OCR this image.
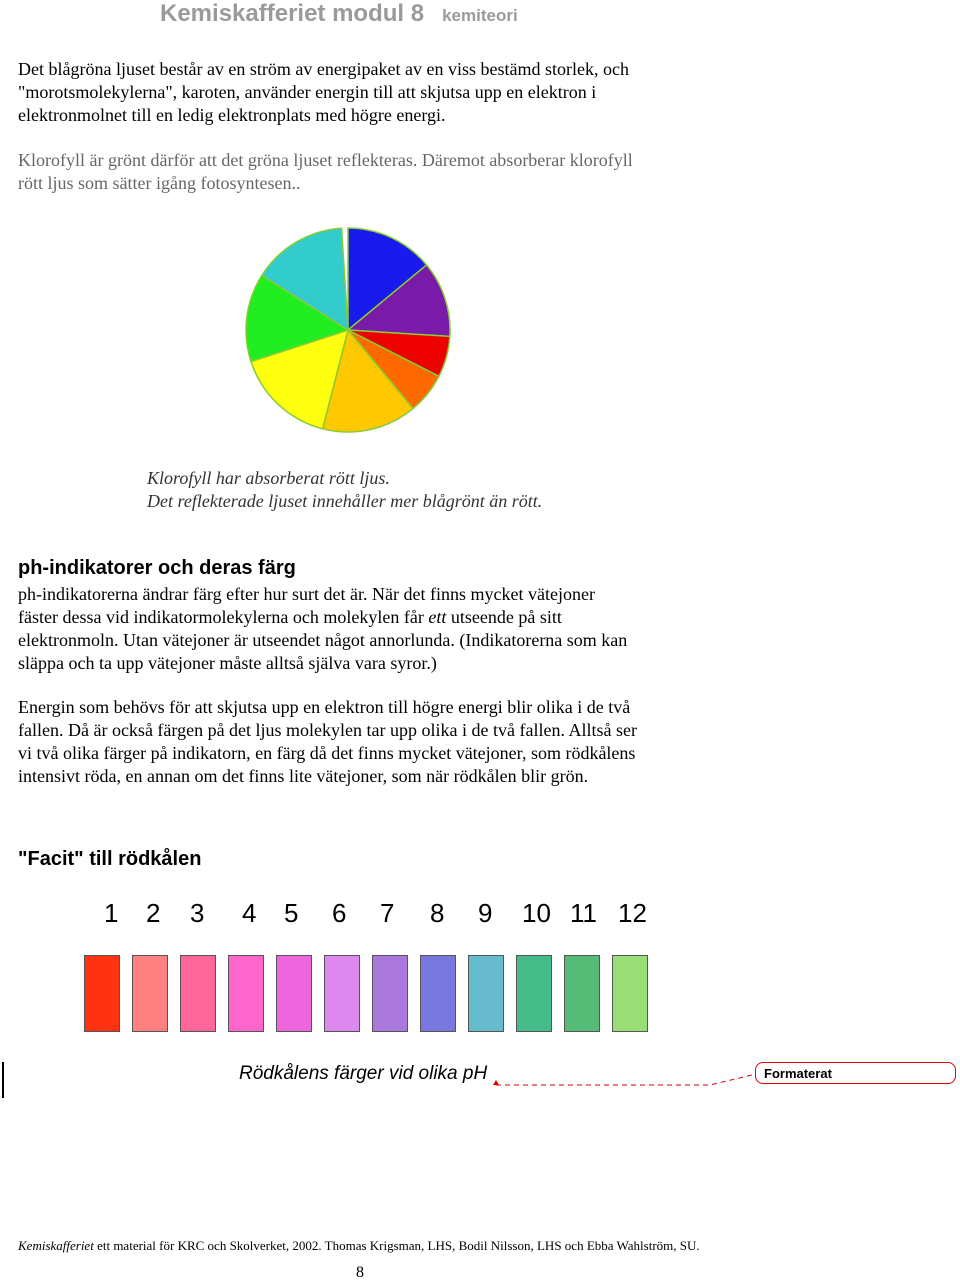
Kemiskafferiet modul 8 kemiteori
Det blågröna ljuset består av en ström av energipaket av en viss bestämd storlek, och
"morotsmolekylerna", karoten, använder energin till att skjutsa upp en elektron i
elektronmolnet till en ledig elektronplats med högre energi.
Klorofyll är grönt därför att det gröna ljuset reflekteras. Däremot absorberar klorofyll
rött ljus som sätter igång fotosyntesen..
Klorofyll har absorberat rött ljus.
Det reflekterade ljuset innehåller mer blågrönt än rött.
ph-indikatorer och deras färg
ph-indikatorerna ändrar färg efter hur surt det är. När det finns mycket vätejoner
fäster dessa vid indikatormolekylerna och molekylen får ett utseende på sitt
elektronmoln. Utan vätejoner är utseendet något annorlunda. (Indikatorerna som kan
släppa och ta upp vätejoner måste alltså själva vara syror.)
Energin som behövs för att skjutsa upp en elektron till högre energi blir olika i de två
fallen. Då är också färgen på det ljus molekylen tar upp olika i de två fallen. Alltså ser
vi två olika färger på indikatorn, en färg då det finns mycket vätejoner, som rödkålens
intensivt röda, en annan om det finns lite vätejoner, som när rödkålen blir grön.
"Facit" till rödkålen
1 2 3 4 5 6 7 8 9 10 11 12
Rödkålens färger vid olika pH	Formaterat
Kemiskafferiet ett material för KRC och Skolverket, 2002. Thomas Krigsman, LHS, Bodil Nilsson, LHS och Ebba Wahlström, SU.
8
